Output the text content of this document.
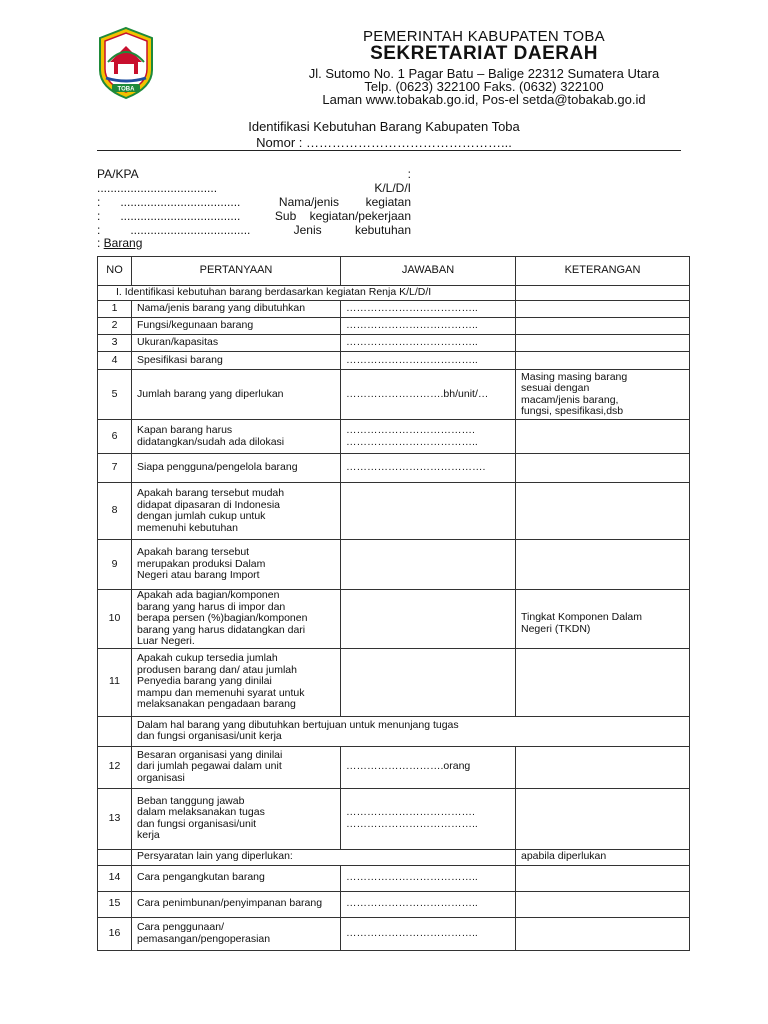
TOBA
PEMERINTAH KABUPATEN TOBA
SEKRETARIAT DAERAH
Jl. Sutomo No. 1 Pagar Batu – Balige 22312 Sumatera Utara
Telp. (0623) 322100 Faks. (0632) 322100
Laman www.tobakab.go.id, Pos-el setda@tobakab.go.id
Identifikasi Kebutuhan Barang Kabupaten Toba
Nomor : ………………………………………...
PA/KPA	:
....................................	K/L/D/I
:      ....................................	Nama/jenis        kegiatan
:      ....................................	Sub    kegiatan/pekerjaan
:         ....................................	Jenis          kebutuhan
: Barang
NO	PERTANYAAN	JAWABAN	KETERANGAN
I. Identifikasi kebutuhan barang berdasarkan kegiatan Renja K/L/D/I			
1	Nama/jenis barang yang dibutuhkan	………………………………..	

2	Fungsi/kegunaan barang	………………………………..	

3	Ukuran/kapasitas	………………………………..	

4	Spesifikasi barang	………………………………..	

5	Jumlah barang yang diperlukan	……………………….bh/unit/…	Masing masing barang
sesuai dengan
macam/jenis barang,
fungsi, spesifikasi,dsb

6	Kapan barang harus
didatangkan/sudah ada dilokasi	……………………………….
………………………………..	

7	Siapa pengguna/pengelola barang	………………………………….	

8	Apakah barang tersebut mudah
didapat dipasaran di Indonesia
dengan jumlah cukup untuk
memenuhi kebutuhan		

9	Apakah barang tersebut
merupakan produksi Dalam
Negeri atau barang Import		

10	Apakah ada bagian/komponen
barang yang harus di impor dan
berapa persen (%)bagian/komponen
barang yang harus didatangkan dari
Luar Negeri.		Tingkat Komponen Dalam
Negeri (TKDN)

11	Apakah cukup tersedia jumlah
produsen barang dan/ atau jumlah
Penyedia barang yang dinilai
mampu dan memenuhi syarat untuk
melaksanakan pengadaan barang		

	Dalam hal barang yang dibutuhkan bertujuan untuk menunjang tugas
dan fungsi organisasi/unit kerja		

12	Besaran organisasi yang dinilai
dari jumlah pegawai dalam unit
organisasi	……………………….orang	

13	Beban tanggung jawab
dalam melaksanakan tugas
dan fungsi organisasi/unit
kerja	……………………………….
………………………………..	

	Persyaratan lain yang diperlukan:		apabila diperlukan
14	Cara pengangkutan barang	………………………………..	

15	Cara penimbunan/penyimpanan barang	………………………………..	

16	Cara penggunaan/
pemasangan/pengoperasian	………………………………..	
